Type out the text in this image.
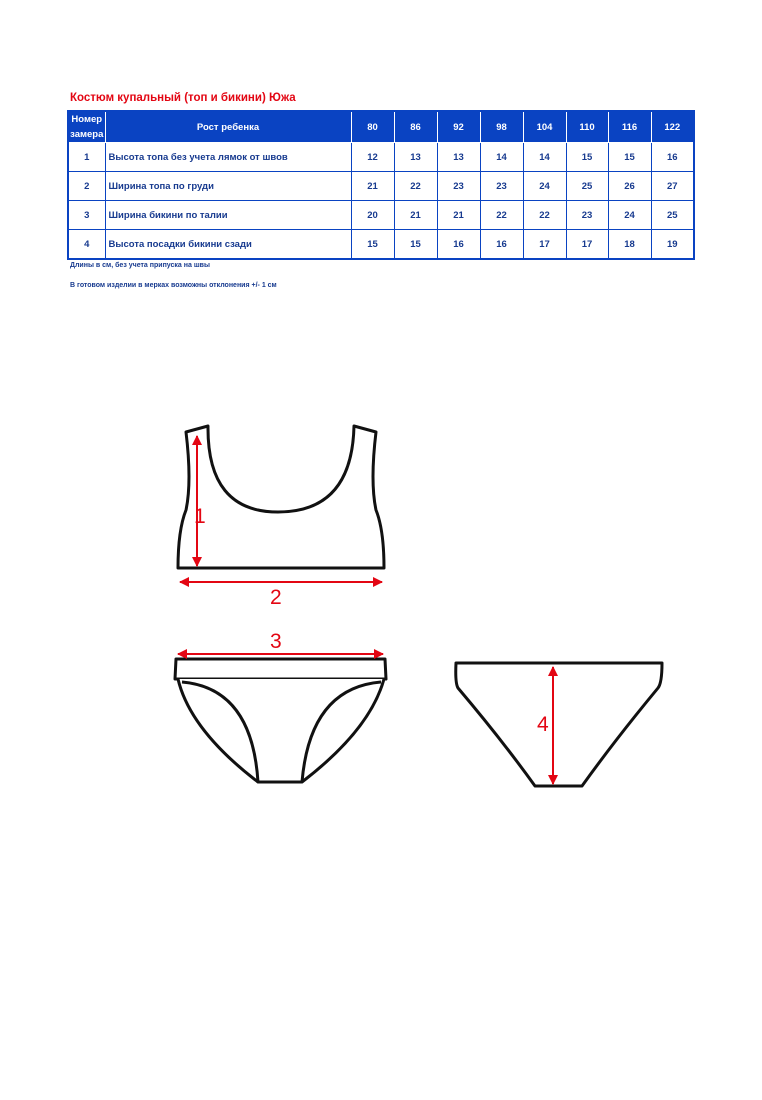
Костюм купальный (топ и бикини) Южа
Номер замера	Рост ребенка	80	86	92	98	104	110	116	122
1	Высота топа без учета лямок от швов	12	13	13	14	14	15	15	16
2	Ширина топа по груди	21	22	23	23	24	25	26	27
3	Ширина бикини по талии	20	21	21	22	22	23	24	25
4	Высота посадки бикини сзади	15	15	16	16	17	17	18	19
Длины в см, без учета припуска на швы
В готовом изделии в мерках возможны отклонения +/- 1 см
1
2
3
4
